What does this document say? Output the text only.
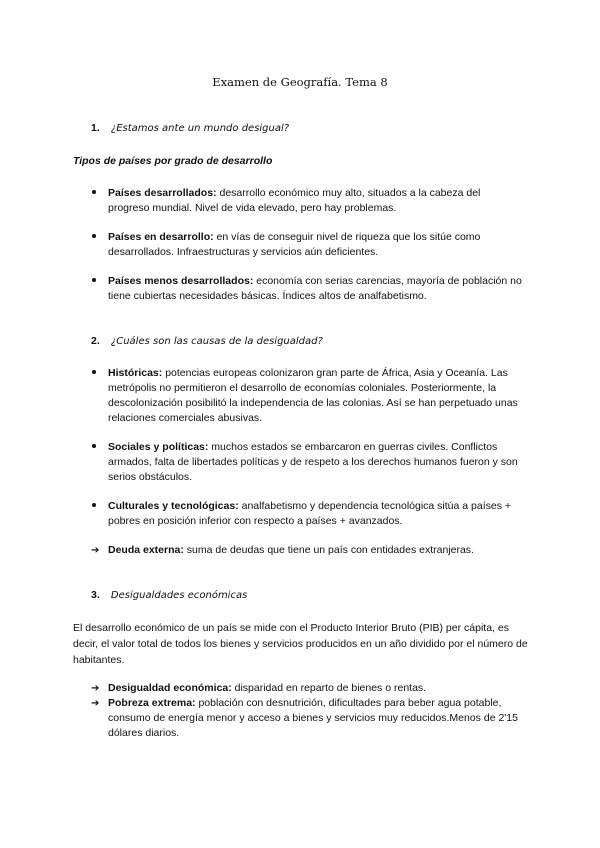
Examen de Geografía. Tema 8
1. ¿Estamos ante un mundo desigual?
Tipos de países por grado de desarrollo
Países desarrollados: desarrollo económico muy alto, situados a la cabeza del progreso mundial. Nivel de vida elevado, pero hay problemas.
Países en desarrollo: en vías de conseguir nivel de riqueza que los sitúe como desarrollados. Infraestructuras y servicios aún deficientes.
Países menos desarrollados: economía con serias carencias, mayoría de población no tiene cubiertas necesidades básicas. Índices altos de analfabetismo.
2. ¿Cuáles son las causas de la desigualdad?
Históricas: potencias europeas colonizaron gran parte de África, Asia y Oceanía. Las metrópolis no permitieron el desarrollo de economías coloniales. Posteriormente, la descolonización posibilitó la independencia de las colonias. Así se han perpetuado unas relaciones comerciales abusivas.
Sociales y políticas: muchos estados se embarcaron en guerras civiles. Conflictos armados, falta de libertades políticas y de respeto a los derechos humanos fueron y son serios obstáculos.
Culturales y tecnológicas: analfabetismo y dependencia tecnológica sitúa a países + pobres en posición inferior con respecto a países + avanzados.
➔ Deuda externa: suma de deudas que tiene un país con entidades extranjeras.
3. Desigualdades económicas
El desarrollo económico de un país se mide con el Producto Interior Bruto (PIB) per cápita, es decir, el valor total de todos los bienes y servicios producidos en un año dividido por el número de habitantes.
➔ Desigualdad económica: disparidad en reparto de bienes o rentas.
➔ Pobreza extrema: población con desnutrición, dificultades para beber agua potable, consumo de energía menor y acceso a bienes y servicios muy reducidos.Menos de 2'15 dólares diarios.
